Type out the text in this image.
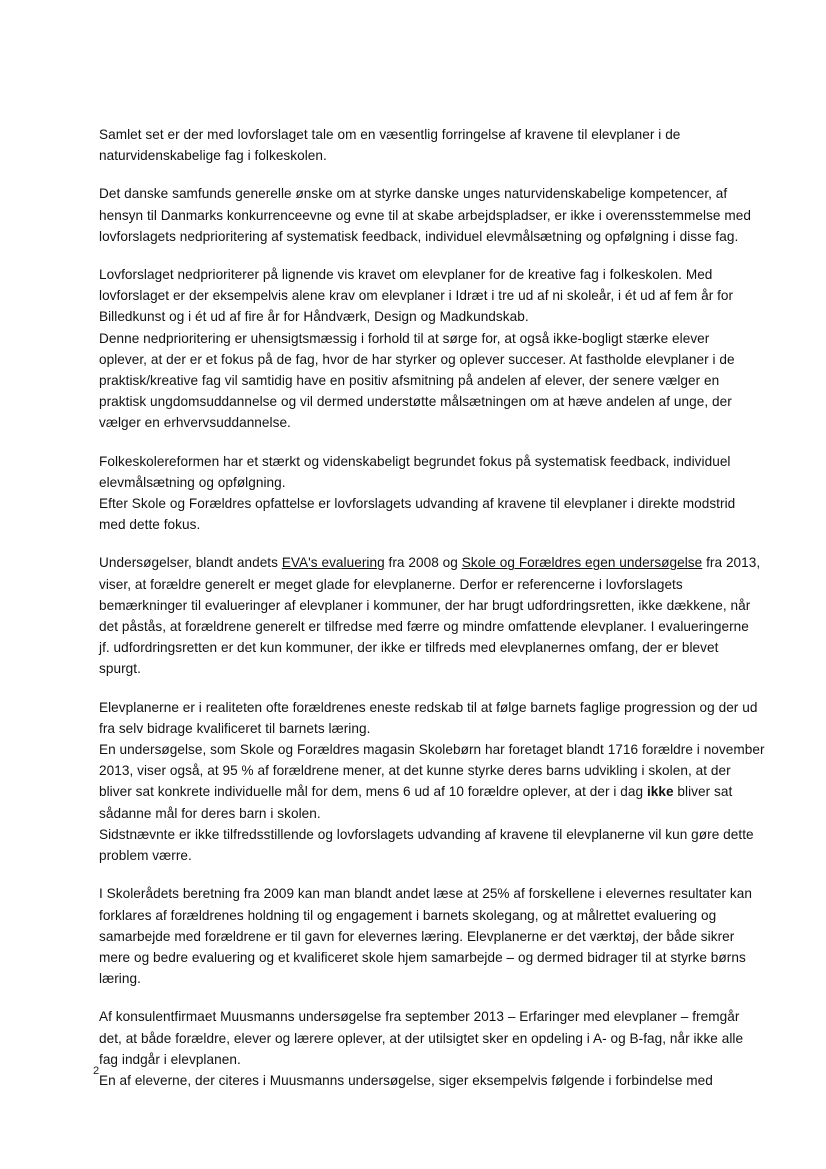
Samlet set er der med lovforslaget tale om en væsentlig forringelse af kravene til elevplaner i de
naturvidenskabelige fag i folkeskolen.
Det danske samfunds generelle ønske om at styrke danske unges naturvidenskabelige kompetencer, af
hensyn til Danmarks konkurrenceevne og evne til at skabe arbejdspladser, er ikke i overensstemmelse med
lovforslagets nedprioritering af systematisk feedback, individuel elevmålsætning og opfølgning i disse fag.
Lovforslaget nedprioriterer på lignende vis kravet om elevplaner for de kreative fag i folkeskolen. Med
lovforslaget er der eksempelvis alene krav om elevplaner i Idræt i tre ud af ni skoleår, i ét ud af fem år for
Billedkunst og i ét ud af fire år for Håndværk, Design og Madkundskab.
Denne nedprioritering er uhensigtsmæssig i forhold til at sørge for, at også ikke-bogligt stærke elever
oplever, at der er et fokus på de fag, hvor de har styrker og oplever succeser. At fastholde elevplaner i de
praktisk/kreative fag vil samtidig have en positiv afsmitning på andelen af elever, der senere vælger en
praktisk ungdomsuddannelse og vil dermed understøtte målsætningen om at hæve andelen af unge, der
vælger en erhvervsuddannelse.
Folkeskolereformen har et stærkt og videnskabeligt begrundet fokus på systematisk feedback, individuel
elevmålsætning og opfølgning.
Efter Skole og Forældres opfattelse er lovforslagets udvanding af kravene til elevplaner i direkte modstrid
med dette fokus.
Undersøgelser, blandt andets EVA's evaluering fra 2008 og Skole og Forældres egen undersøgelse fra 2013,
viser, at forældre generelt er meget glade for elevplanerne. Derfor er referencerne i lovforslagets
bemærkninger til evalueringer af elevplaner i kommuner, der har brugt udfordringsretten, ikke dækkene, når
det påstås, at forældrene generelt er tilfredse med færre og mindre omfattende elevplaner. I evalueringerne
jf. udfordringsretten er det kun kommuner, der ikke er tilfreds med elevplanernes omfang, der er blevet
spurgt.
Elevplanerne er i realiteten ofte forældrenes eneste redskab til at følge barnets faglige progression og der ud
fra selv bidrage kvalificeret til barnets læring.
En undersøgelse, som Skole og Forældres magasin Skolebørn har foretaget blandt 1716 forældre i november
2013, viser også, at 95 % af forældrene mener, at det kunne styrke deres barns udvikling i skolen, at der
bliver sat konkrete individuelle mål for dem, mens 6 ud af 10 forældre oplever, at der i dag ikke bliver sat
sådanne mål for deres barn i skolen.
Sidstnævnte er ikke tilfredsstillende og lovforslagets udvanding af kravene til elevplanerne vil kun gøre dette
problem værre.
I Skolerådets beretning fra 2009 kan man blandt andet læse at 25% af forskellene i elevernes resultater kan
forklares af forældrenes holdning til og engagement i barnets skolegang, og at målrettet evaluering og
samarbejde med forældrene er til gavn for elevernes læring. Elevplanerne er det værktøj, der både sikrer
mere og bedre evaluering og et kvalificeret skole hjem samarbejde – og dermed bidrager til at styrke børns
læring.
Af konsulentfirmaet Muusmanns undersøgelse fra september 2013 – Erfaringer med elevplaner – fremgår
det, at både forældre, elever og lærere oplever, at der utilsigtet sker en opdeling i A- og B-fag, når ikke alle
fag indgår i elevplanen.
En af eleverne, der citeres i Muusmanns undersøgelse, siger eksempelvis følgende i forbindelse med
2
